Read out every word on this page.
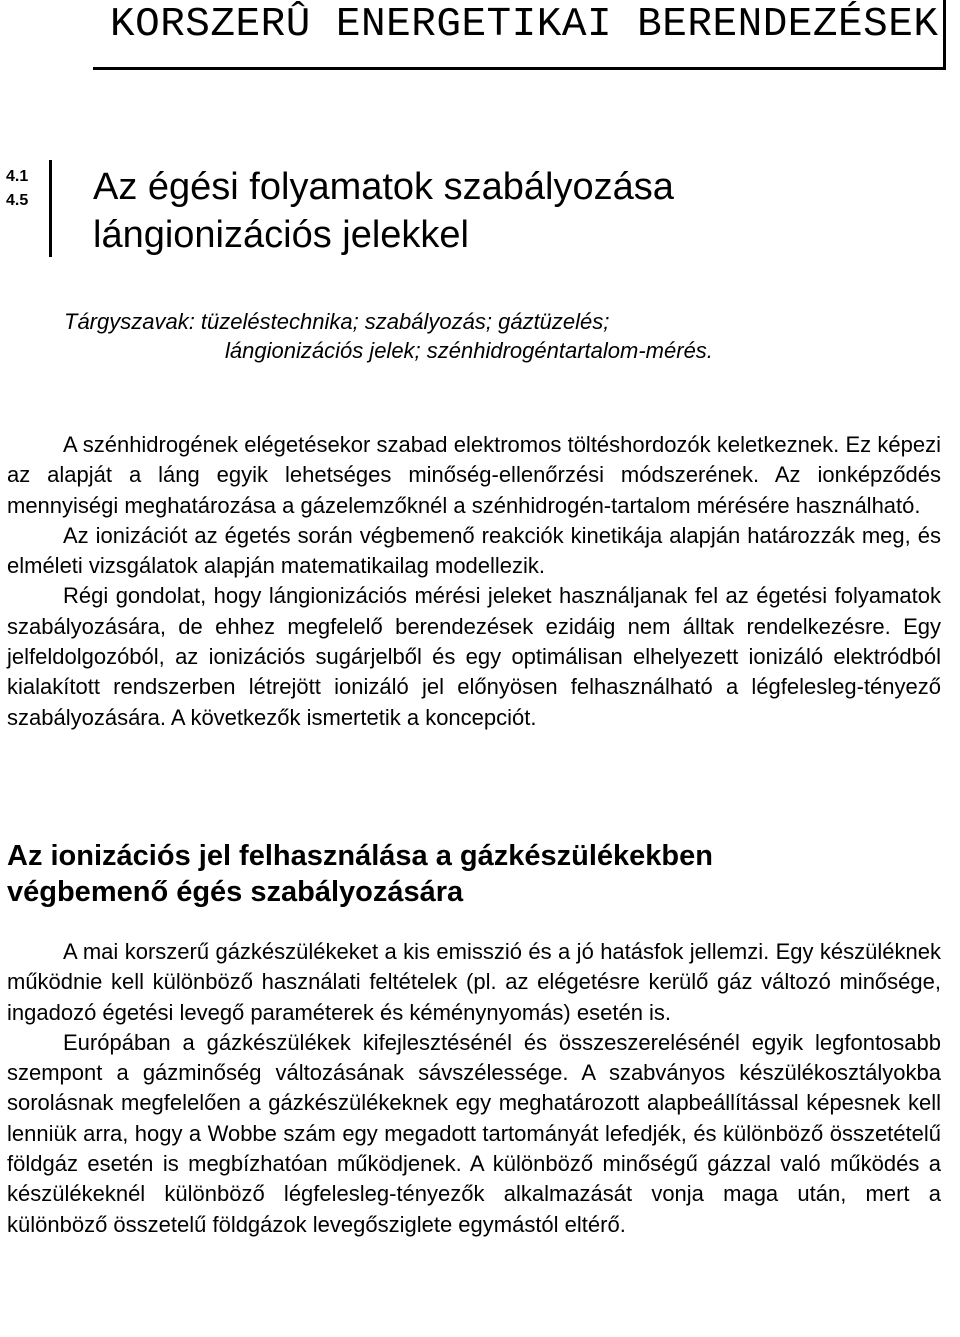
KORSZERÛ ENERGETIKAI BERENDEZÉSEK
4.1
4.5 Az égési folyamatok szabályozása
lángionizációs jelekkel
Tárgyszavak: tüzeléstechnika; szabályozás; gáztüzelés;
lángionizációs jelek; szénhidrogéntartalom-mérés.

A szénhidrogének elégetésekor szabad elektromos töltéshordozók keletkeznek. Ez képezi az alapját a láng egyik lehetséges minőség-ellenőrzési módszerének. Az ionképződés mennyiségi meghatározása a gázelemzőknél a szénhidrogén-tartalom mérésére használható.

Az ionizációt az égetés során végbemenő reakciók kinetikája alapján határozzák meg, és elméleti vizsgálatok alapján matematikailag modellezik.

Régi gondolat, hogy lángionizációs mérési jeleket használjanak fel az égetési folyamatok szabályozására, de ehhez megfelelő berendezések ezidáig nem álltak rendelkezésre. Egy jelfeldolgozóból, az ionizációs sugárjelből és egy optimálisan elhelyezett ionizáló elektródból kialakított rendszerben létrejött ionizáló jel előnyösen felhasználható a légfelesleg-tényező szabályozására. A következők ismertetik a koncepciót.

Az ionizációs jel felhasználása a gázkészülékekben
végbemenő égés szabályozására

A mai korszerű gázkészülékeket a kis emisszió és a jó hatásfok jellemzi. Egy készüléknek működnie kell különböző használati feltételek (pl. az elégetésre kerülő gáz változó minősége, ingadozó égetési levegő paraméterek és kéménynyomás) esetén is.

Európában a gázkészülékek kifejlesztésénél és összeszerelésénél egyik legfontosabb szempont a gázminőség változásának sávszélessége. A szabványos készülékosztályokba sorolásnak megfelelően a gázkészülékeknek egy meghatározott alapbeállítással képesnek kell lenniük arra, hogy a Wobbe szám egy megadott tartományát lefedjék, és különböző összetételű földgáz esetén is megbízhatóan működjenek. A különböző minőségű gázzal való működés a készülékeknél különböző légfelesleg-tényezők alkalmazását vonja maga után, mert a különböző összetelű földgázok levegősziglete egymástól eltérő.
